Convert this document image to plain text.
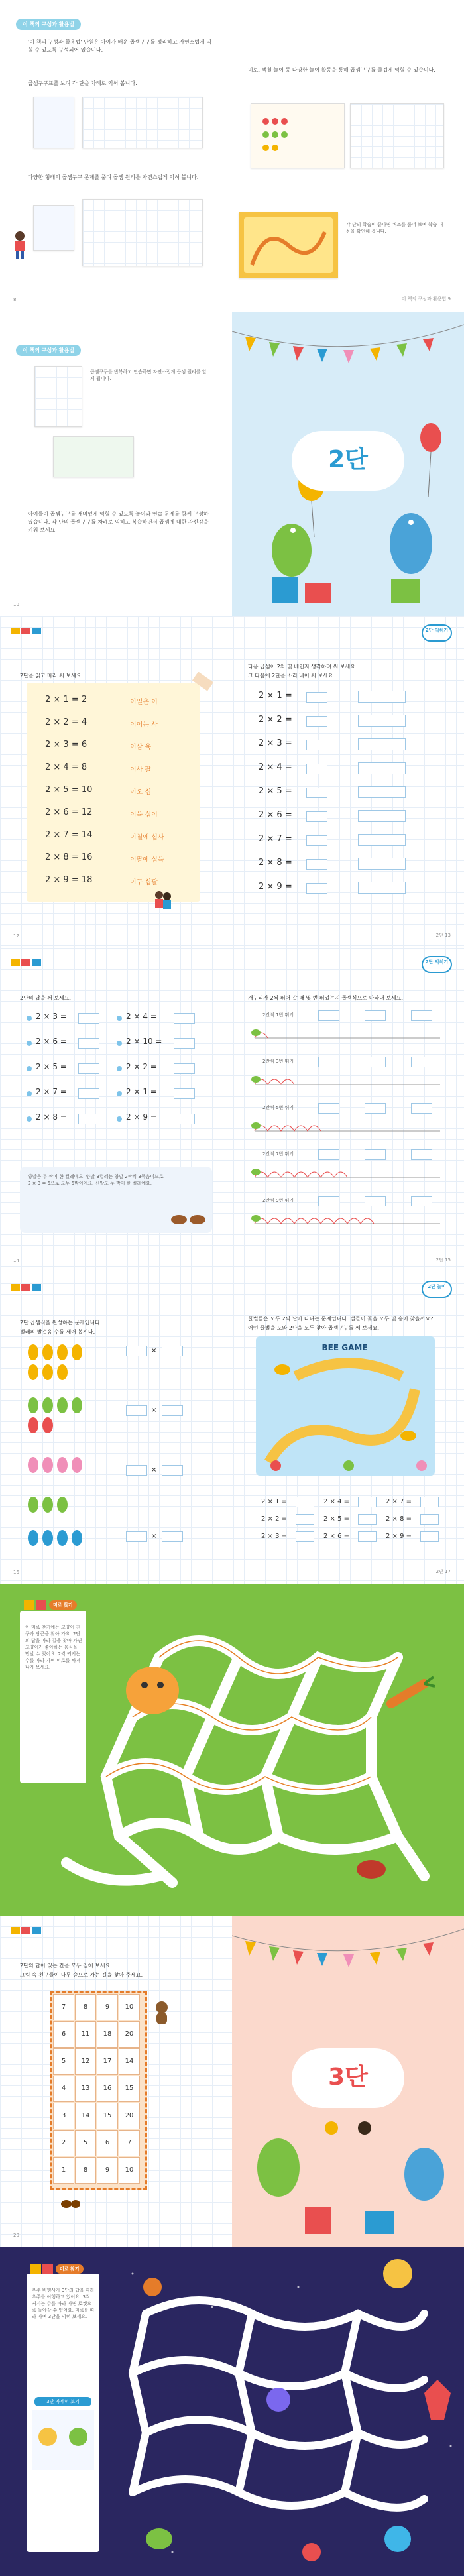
이 책의 구성과 활용법
'이 책의 구성과 활용법' 단원은 아이가 배운 곱셈구구를 정리하고 자연스럽게 익힐 수 있도록 구성되어 있습니다.
곱셈구구표를 보며 각 단을 차례로 익혀 봅니다.
다양한 형태의 곱셈구구 문제를 풀며 곱셈 원리를 자연스럽게 익혀 봅니다.
8
미로, 색칠 놀이 등 다양한 놀이 활동을 통해 곱셈구구를 즐겁게 익힐 수 있습니다.
각 단의 학습이 끝나면 퀴즈를 풀어 보며 학습 내용을 확인해 봅니다.
이 책의 구성과 활용법 9
이 책의 구성과 활용법
곱셈구구를 반복하고 연습하면 자연스럽게 곱셈 원리를 알게 됩니다.
아이들이 곱셈구구를 재미있게 익힐 수 있도록 놀이와 연습 문제를 함께 구성하였습니다. 각 단의 곱셈구구를 차례로 익히고 복습하면서 곱셈에 대한 자신감을 키워 보세요.
10
2단
2단을 읽고 따라 써 보세요.
2 × 1 = 2	이일은 이
2 × 2 = 4	이이는 사
2 × 3 = 6	이삼 육
2 × 4 = 8	이사 팔
2 × 5 = 10	이오 십
2 × 6 = 12	이육 십이
2 × 7 = 14	이칠에 십사
2 × 8 = 16	이팔에 십육
2 × 9 = 18	이구 십팔
12
2단 익히기
다음 곱셈이 2와 몇 배인지 생각하며 써 보세요.
그 다음에 2단을 소리 내어 써 보세요.
2 × 1 =
2 × 2 =
2 × 3 =
2 × 4 =
2 × 5 =
2 × 6 =
2 × 7 =
2 × 8 =
2 × 9 =
2단 13
2단의 답을 써 보세요.
2 × 3 =	2 × 4 =
2 × 6 =	2 × 10 =
2 × 5 =	2 × 2 =
2 × 7 =	2 × 1 =
2 × 8 =	2 × 9 =
양말은 두 짝이 한 켤레예요. 양말 3켤레는 양말 2짝씩 3묶음이므로 2 × 3 = 6으로 모두 6짝이에요. 신발도 두 짝이 한 켤레예요.
14
2단 익히기
개구리가 2씩 뛰어 갈 때 몇 번 뛰었는지 곱셈식으로 나타내 보세요.
2칸씩 1번 뛰기
2칸씩 3번 뛰기
2칸씩 5번 뛰기
2칸씩 7번 뛰기
2칸씩 9번 뛰기
2단 15
2단 곱셈식을 완성하는 문제입니다.
벌레의 발걸음 수를 세어 봅시다.
×
×
×
×
16
2단 놀이
꿀벌들은 모두 2씩 날아 다니는 문제입니다. 벌들이 꽃을 모두 몇 송이 찾을까요?
어떤 꿀벌을 도와 2단을 모두 찾아 곱셈구구를 써 보세요.
BEE GAME
2 × 1 =	2 × 4 =	2 × 7 =
2 × 2 =	2 × 5 =	2 × 8 =
2 × 3 =	2 × 6 =	2 × 9 =
2단 17
미로 찾기
이 미로 찾기에는 고양이 친구가 당근을 찾아 가요. 2단의 답을 따라 길을 찾아 가면 고양이가 좋아하는 음식을 만날 수 있어요. 2씩 커지는 수를 따라 가며 미로를 빠져 나가 보세요.
2단의 답이 있는 칸을 모두 칠해 보세요.
그림 속 친구들이 나무 숲으로 가는 길을 찾아 주세요.
7	8	9	10
6	11	18	20
5	12	17	14
4	13	16	15
3	14	15	20
2	5	6	7
1	8	9	10
20
3단
미로 찾기
우주 비행사가 3단의 답을 따라 우주를 여행하고 있어요. 3씩 커지는 수를 따라 가면 로켓으로 돌아갈 수 있어요. 미로를 따라 가며 3단을 익혀 보세요.
3단 자세히 보기
